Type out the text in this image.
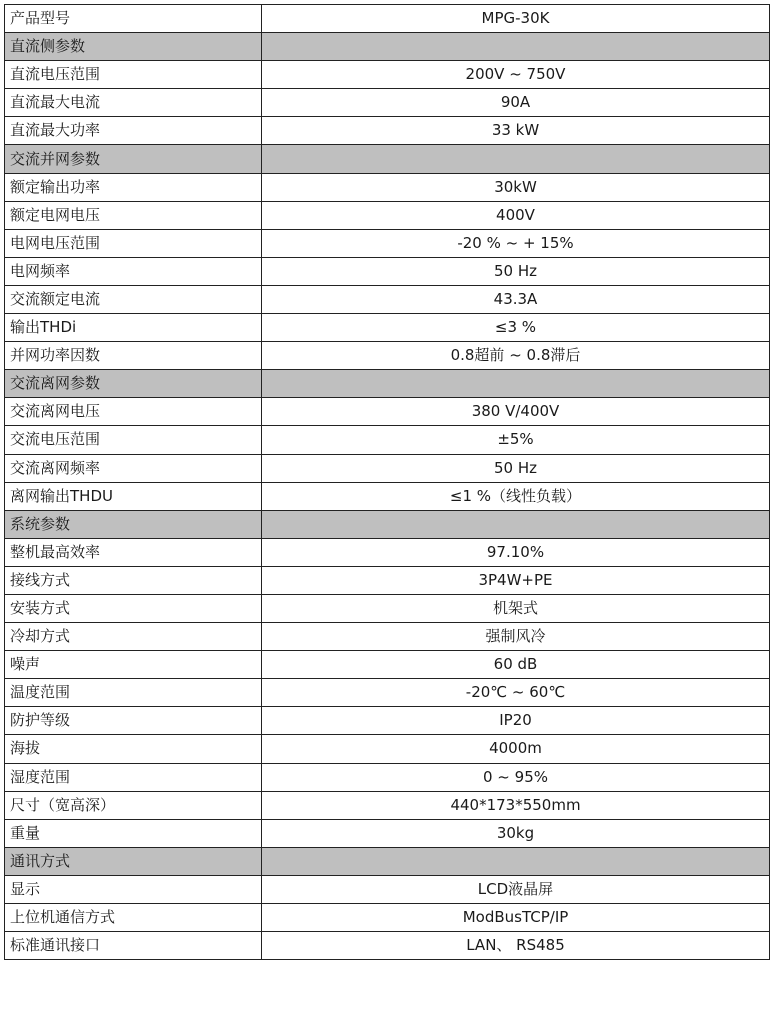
产品型号	MPG-30K
直流侧参数	
直流电压范围	200V ~ 750V
直流最大电流	90A
直流最大功率	33 kW
交流并网参数	
额定输出功率	30kW
额定电网电压	400V
电网电压范围	-20 % ~ + 15%
电网频率	50 Hz
交流额定电流	43.3A
输出THDi	≤3 %
并网功率因数	0.8超前 ~ 0.8滞后
交流离网参数	
交流离网电压	380 V/400V
交流电压范围	±5%
交流离网频率	50 Hz
离网输出THDU	≤1 %（线性负载）
系统参数	
整机最高效率	97.10%
接线方式	3P4W+PE
安装方式	机架式
冷却方式	强制风冷
噪声	60 dB
温度范围	-20℃ ~ 60℃
防护等级	IP20
海拔	4000m
湿度范围	0 ~ 95%
尺寸（宽高深）	440*173*550mm
重量	30kg
通讯方式	
显示	LCD液晶屏
上位机通信方式	ModBusTCP/IP
标准通讯接口	LAN、 RS485
